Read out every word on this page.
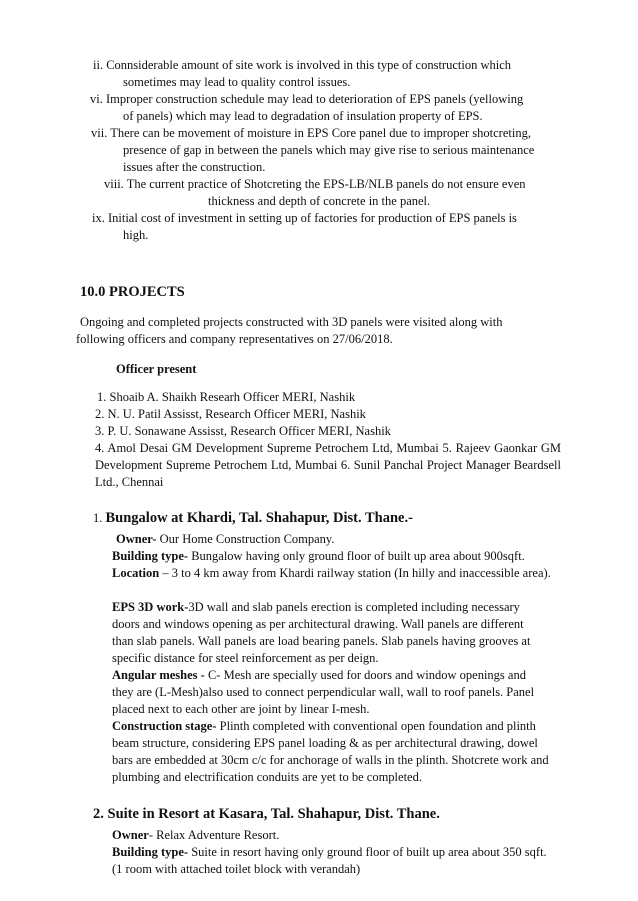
ii. Connsiderable amount of site work is involved in this type of construction which

sometimes may lead to quality control issues.

vi. Improper construction schedule may lead to deterioration of EPS panels (yellowing

of panels) which may lead to degradation of insulation property of EPS.

vii. There can be movement of moisture in EPS Core panel due to improper shotcreting,

presence of gap in between the panels which may give rise to serious maintenance

issues after the construction.

viii. The current practice of Shotcreting the EPS-LB/NLB panels do not ensure even

thickness and depth of concrete in the panel.

ix. Initial cost of investment in setting up of factories for production of EPS panels is

high.

10.0 PROJECTS

Ongoing and completed projects constructed with 3D panels were visited along with

following officers and company representatives on 27/06/2018.

Officer present

1. Shoaib A. Shaikh Researh Officer MERI, Nashik

2. N. U. Patil Assisst, Research Officer MERI, Nashik

3. P. U. Sonawane Assisst, Research Officer MERI, Nashik

4. Amol Desai GM Development Supreme Petrochem Ltd, Mumbai 5. Rajeev Gaonkar GM Development Supreme Petrochem Ltd, Mumbai 6. Sunil Panchal Project Manager Beardsell Ltd., Chennai

1. Bungalow at Khardi, Tal. Shahapur, Dist. Thane.-

Owner- Our Home Construction Company.

Building type- Bungalow having only ground floor of built up area about 900sqft.

Location – 3 to 4 km away from Khardi railway station (In hilly and inaccessible area).

EPS 3D work-3D wall and slab panels erection is completed including necessary doors and windows opening as per architectural drawing. Wall panels are different than slab panels. Wall panels are load bearing panels. Slab panels having grooves at specific distance for steel reinforcement as per deign.

Angular meshes - C- Mesh are specially used for doors and window openings and they are (L-Mesh)also used to connect perpendicular wall, wall to roof panels. Panel placed next to each other are joint by linear I-mesh.

Construction stage- Plinth completed with conventional open foundation and plinth beam structure, considering EPS panel loading & as per architectural drawing, dowel bars are embedded at 30cm c/c for anchorage of walls in the plinth. Shotcrete work and plumbing and electrification conduits are yet to be completed.

2. Suite in Resort at Kasara, Tal. Shahapur, Dist. Thane.

Owner- Relax Adventure Resort.

Building type- Suite in resort having only ground floor of built up area about 350 sqft.(1 room with attached toilet block with verandah)
